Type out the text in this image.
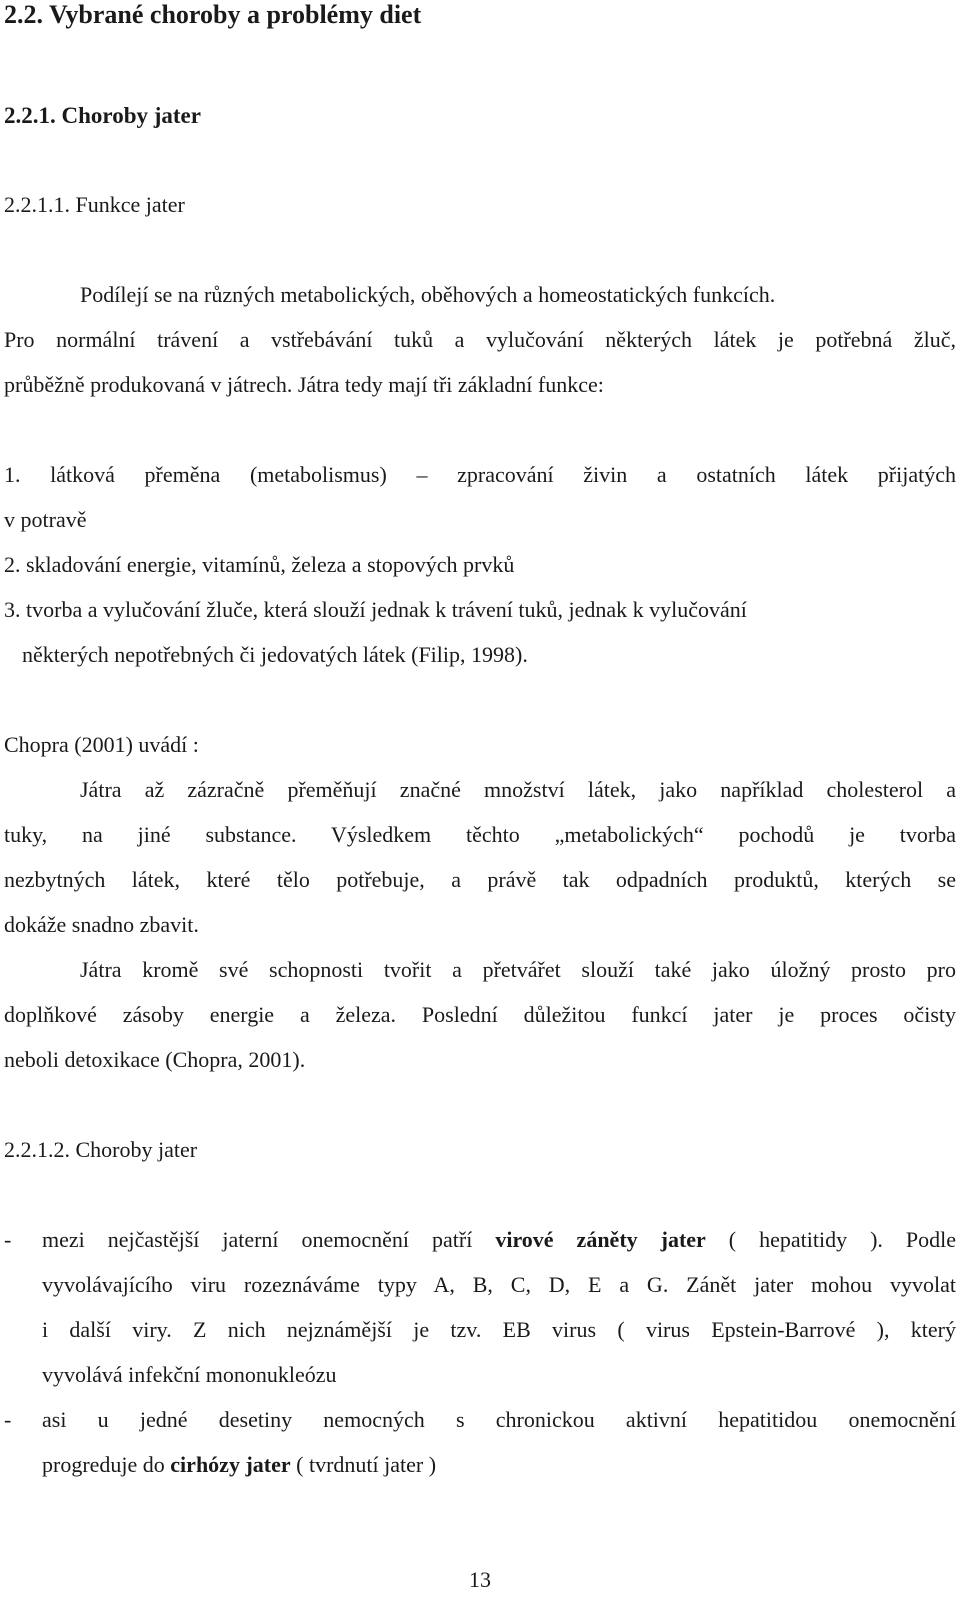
2.2. Vybrané choroby a problémy diet
2.2.1. Choroby jater
2.2.1.1. Funkce jater
Podílejí se na různých metabolických, oběhových a homeostatických funkcích.
Pro normální trávení a vstřebávání tuků a vylučování některých látek je potřebná žluč,
průběžně produkovaná v játrech. Játra tedy mají tři základní funkce:
1. látková přeměna (metabolismus) – zpracování živin a ostatních látek přijatých
v potravě
2. skladování energie, vitamínů, železa a stopových prvků
3. tvorba a vylučování žluče, která slouží jednak k trávení tuků, jednak k vylučování
některých nepotřebných či jedovatých látek (Filip, 1998).
Chopra (2001) uvádí :
Játra až zázračně přeměňují značné množství látek, jako například cholesterol a
tuky, na jiné substance. Výsledkem těchto „metabolických“ pochodů je tvorba
nezbytných látek, které tělo potřebuje, a právě tak odpadních produktů, kterých se
dokáže snadno zbavit.
Játra kromě své schopnosti tvořit a přetvářet slouží také jako úložný prosto pro
doplňkové zásoby energie a železa. Poslední důležitou funkcí jater je proces očisty
neboli detoxikace (Chopra, 2001).
2.2.1.2. Choroby jater
- mezi nejčastější jaterní onemocnění patří virové záněty jater ( hepatitidy ). Podle
vyvolávajícího viru rozeznáváme typy A, B, C, D, E a G. Zánět jater mohou vyvolat
i další viry. Z nich nejznámější je tzv. EB virus ( virus Epstein-Barrové ), který
vyvolává infekční mononukleózu
- asi u jedné desetiny nemocných s chronickou aktivní hepatitidou onemocnění
progreduje do cirhózy jater ( tvrdnutí jater )
13
